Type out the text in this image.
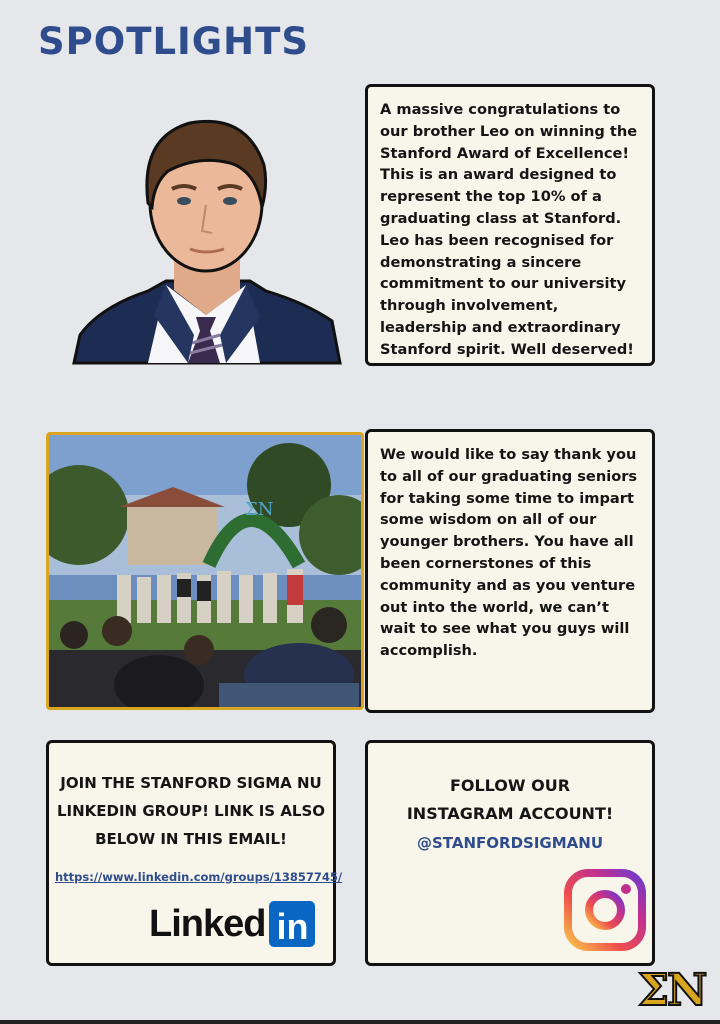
SPOTLIGHTS
A massive congratulations to our brother Leo on winning the Stanford Award of Excellence! This is an award designed to represent the top 10% of a graduating class at Stanford. Leo has been recognised for demonstrating a sincere commitment to our university through involvement, leadership and extraordinary Stanford spirit. Well deserved!
ΣN
We would like to say thank you to all of our graduating seniors for taking some time to impart some wisdom on all of our younger brothers. You have all been cornerstones of this community and as you venture out into the world, we can’t wait to see what you guys will accomplish.
JOIN THE STANFORD SIGMA NU LINKEDIN GROUP! LINK IS ALSO BELOW IN THIS EMAIL!
https://www.linkedin.com/groups/13857745/
Linked in
FOLLOW OUR INSTAGRAM ACCOUNT!
@STANFORDSIGMANU
ΣN
